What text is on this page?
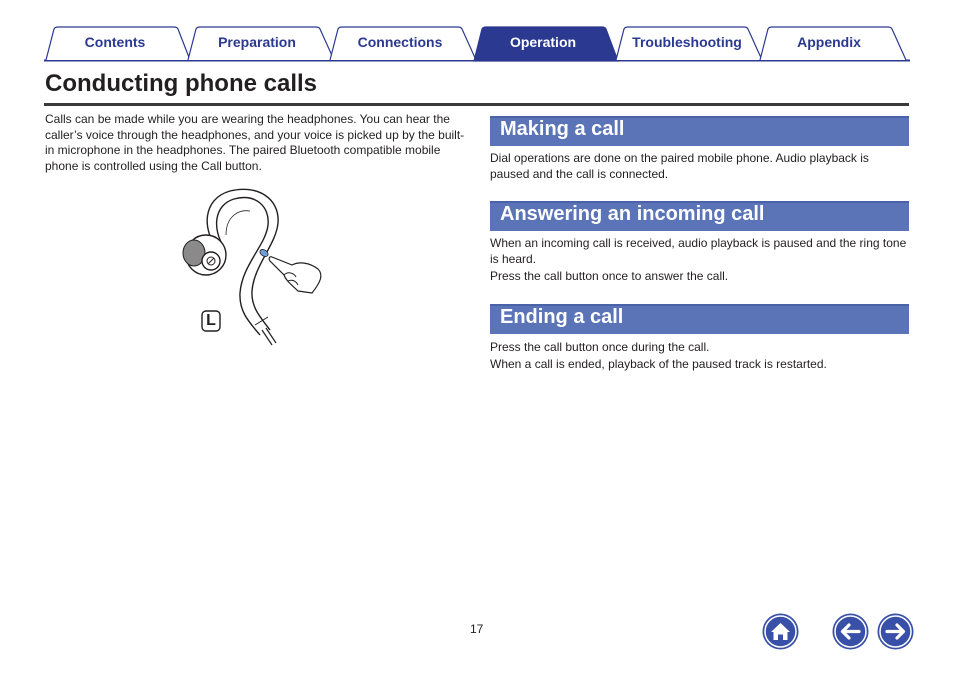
Contents	Preparation	Connections	Operation	Troubleshooting	Appendix
Conducting phone calls

Calls can be made while you are wearing the headphones. You can hear the caller’s voice through the headphones, and your voice is picked up by the built-in microphone in the headphones. The paired Bluetooth compatible mobile phone is controlled using the Call button.

L
Making a call

Dial operations are done on the paired mobile phone. Audio playback is paused and the call is connected.

Answering an incoming call

When an incoming call is received, audio playback is paused and the ring tone is heard.

Press the call button once to answer the call.

Ending a call

Press the call button once during the call.

When a call is ended, playback of the paused track is restarted.

17
